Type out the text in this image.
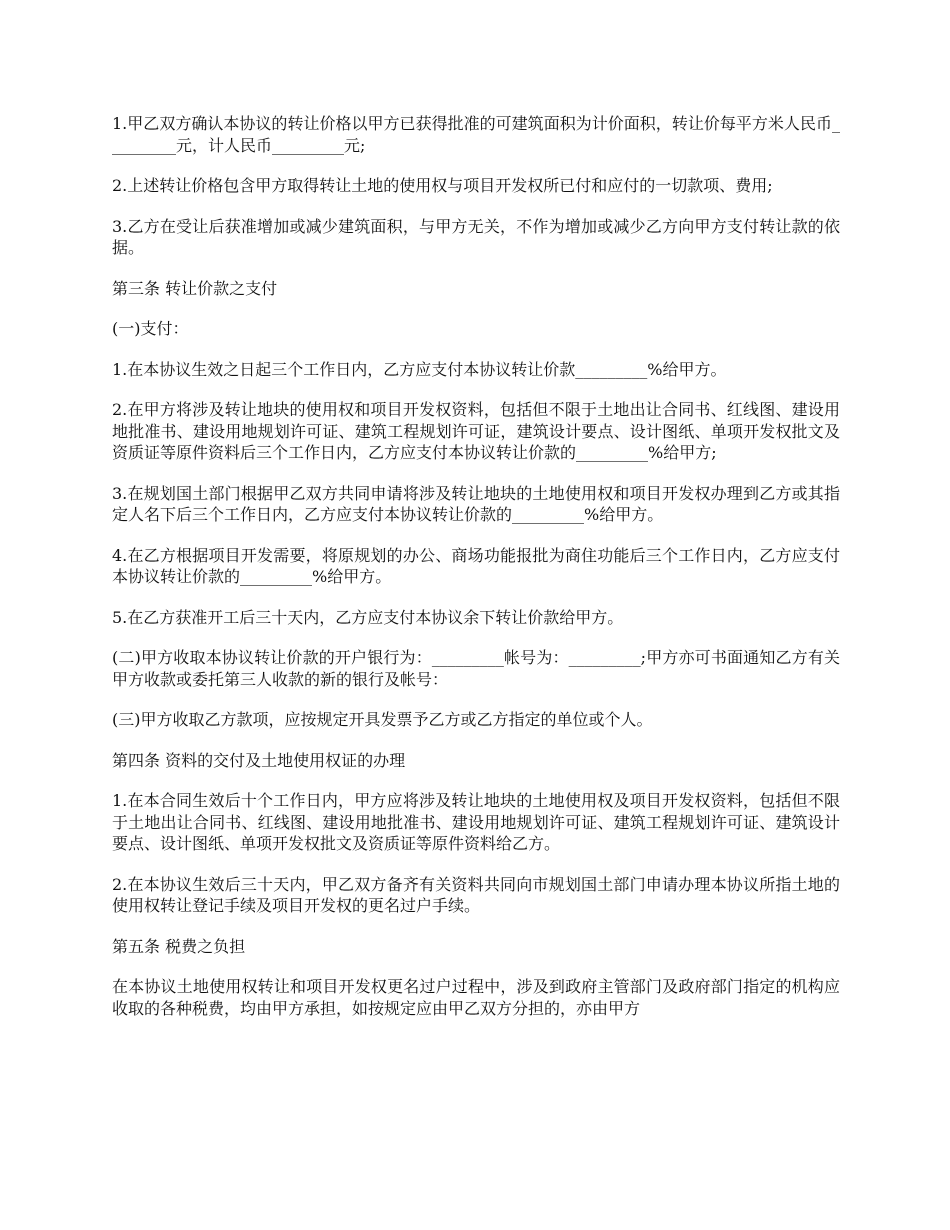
1.甲乙双方确认本协议的转让价格以甲方已获得批准的可建筑面积为计价面积，转让价每平方米人民币_________元，计人民币_________元;

2.上述转让价格包含甲方取得转让土地的使用权与项目开发权所已付和应付的一切款项、费用;

3.乙方在受让后获准增加或减少建筑面积，与甲方无关，不作为增加或减少乙方向甲方支付转让款的依据。

第三条 转让价款之支付

(一)支付：

1.在本协议生效之日起三个工作日内，乙方应支付本协议转让价款_________%给甲方。

2.在甲方将涉及转让地块的使用权和项目开发权资料，包括但不限于土地出让合同书、红线图、建设用地批准书、建设用地规划许可证、建筑工程规划许可证，建筑设计要点、设计图纸、单项开发权批文及资质证等原件资料后三个工作日内，乙方应支付本协议转让价款的_________%给甲方;

3.在规划国土部门根据甲乙双方共同申请将涉及转让地块的土地使用权和项目开发权办理到乙方或其指定人名下后三个工作日内，乙方应支付本协议转让价款的_________%给甲方。

4.在乙方根据项目开发需要，将原规划的办公、商场功能报批为商住功能后三个工作日内，乙方应支付本协议转让价款的_________%给甲方。

5.在乙方获准开工后三十天内，乙方应支付本协议余下转让价款给甲方。

(二)甲方收取本协议转让价款的开户银行为：_________帐号为：_________;甲方亦可书面通知乙方有关甲方收款或委托第三人收款的新的银行及帐号：

(三)甲方收取乙方款项，应按规定开具发票予乙方或乙方指定的单位或个人。

第四条 资料的交付及土地使用权证的办理

1.在本合同生效后十个工作日内，甲方应将涉及转让地块的土地使用权及项目开发权资料，包括但不限于土地出让合同书、红线图、建设用地批准书、建设用地规划许可证、建筑工程规划许可证、建筑设计要点、设计图纸、单项开发权批文及资质证等原件资料给乙方。

2.在本协议生效后三十天内，甲乙双方备齐有关资料共同向市规划国土部门申请办理本协议所指土地的使用权转让登记手续及项目开发权的更名过户手续。

第五条 税费之负担

在本协议土地使用权转让和项目开发权更名过户过程中，涉及到政府主管部门及政府部门指定的机构应收取的各种税费，均由甲方承担，如按规定应由甲乙双方分担的，亦由甲方
